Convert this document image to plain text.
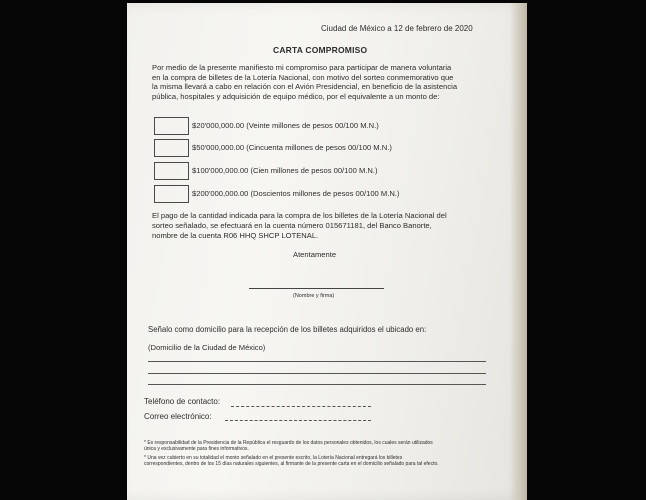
Ciudad de México a 12 de febrero de 2020
CARTA COMPROMISO
Por medio de la presente manifiesto mi compromiso para participar de manera voluntaria
en la compra de billetes de la Lotería Nacional, con motivo del sorteo conmemorativo que
la misma llevará a cabo en relación con el Avión Presidencial, en beneficio de la asistencia
pública, hospitales y adquisición de equipo médico, por el equivalente a un monto de:
$20'000,000.00 (Veinte millones de pesos 00/100 M.N.)
$50'000,000.00 (Cincuenta millones de pesos 00/100 M.N.)
$100'000,000.00 (Cien millones de pesos 00/100 M.N.)
$200'000,000.00 (Doscientos millones de pesos 00/100 M.N.)
El pago de la cantidad indicada para la compra de los billetes de la Lotería Nacional del
sorteo señalado, se efectuará en la cuenta número 015671181, del Banco Banorte,
nombre de la cuenta R06 HHQ SHCP LOTENAL.
Atentamente
(Nombre y firma)
Señalo como domicilio para la recepción de los billetes adquiridos el ubicado en:
(Domicilio de la Ciudad de México)
Teléfono de contacto:
Correo electrónico:
* Es responsabilidad de la Presidencia de la República el resguardo de los datos personales obtenidos, los cuales serán utilizados
única y exclusivamente para fines informativos.
* Una vez cubierto en su totalidad el monto señalado en el presente escrito, la Lotería Nacional entregará los billetes
correspondientes, dentro de los 15 días naturales siguientes, al firmante de la presente carta en el domicilio señalado para tal efecto.
